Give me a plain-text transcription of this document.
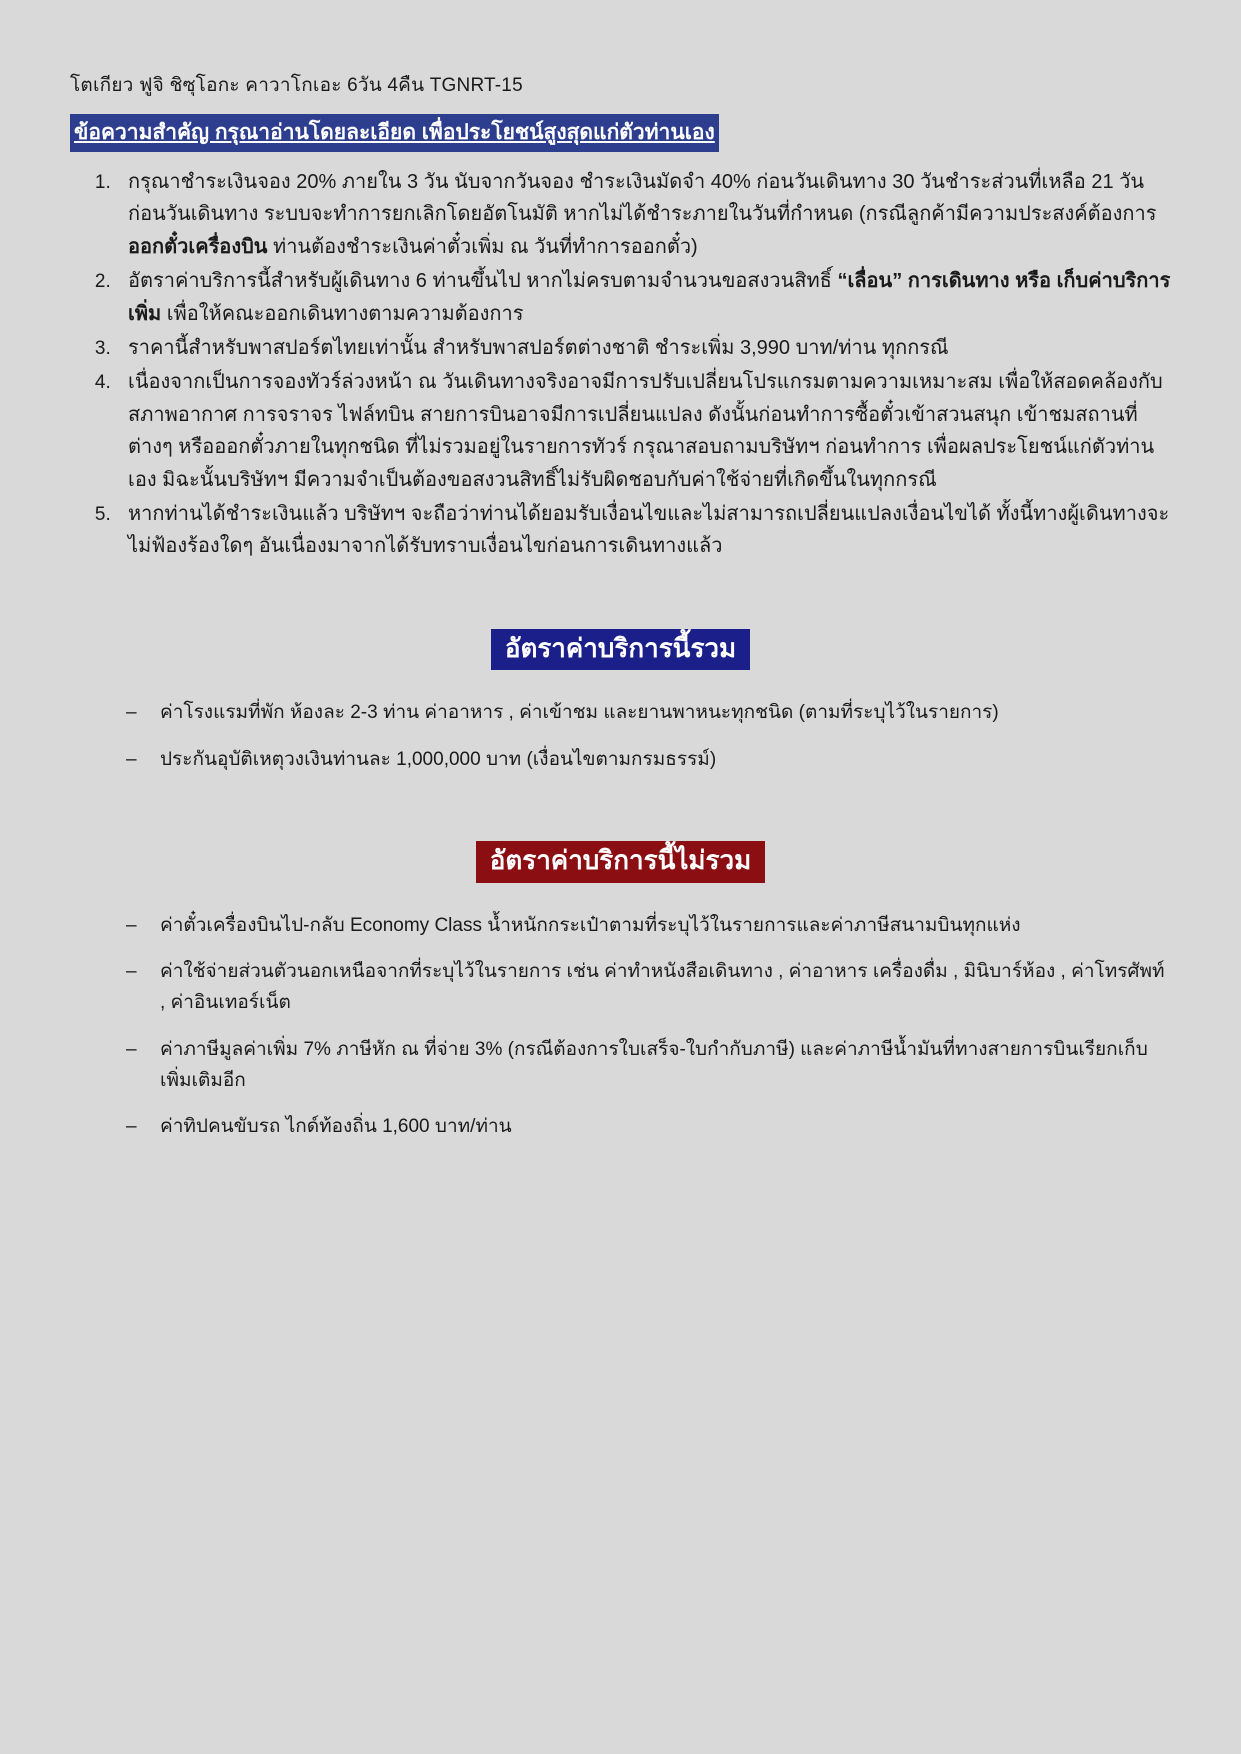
โตเกียว ฟูจิ ชิซุโอกะ คาวาโกเอะ 6วัน 4คืน TGNRT-15
ข้อความสำคัญ กรุณาอ่านโดยละเอียด เพื่อประโยชน์สูงสุดแก่ตัวท่านเอง
1. กรุณาชำระเงินจอง 20% ภายใน 3 วัน นับจากวันจอง ชำระเงินมัดจำ 40% ก่อนวันเดินทาง 30 วันชำระส่วนที่เหลือ 21 วัน ก่อนวันเดินทาง ระบบจะทำการยกเลิกโดยอัตโนมัติ หากไม่ได้ชำระภายในวันที่กำหนด (กรณีลูกค้ามีความประสงค์ต้องการออกตั๋วเครื่องบิน ท่านต้องชำระเงินค่าตั๋วเพิ่ม ณ วันที่ทำการออกตั๋ว)
2. อัตราค่าบริการนี้สำหรับผู้เดินทาง 6 ท่านขึ้นไป หากไม่ครบตามจำนวนขอสงวนสิทธิ์ “เลื่อน” การเดินทาง หรือ เก็บค่าบริการเพิ่ม เพื่อให้คณะออกเดินทางตามความต้องการ
3. ราคานี้สำหรับพาสปอร์ตไทยเท่านั้น สำหรับพาสปอร์ตต่างชาติ ชำระเพิ่ม 3,990 บาท/ท่าน ทุกกรณี
4. เนื่องจากเป็นการจองทัวร์ล่วงหน้า ณ วันเดินทางจริงอาจมีการปรับเปลี่ยนโปรแกรมตามความเหมาะสม เพื่อให้สอดคล้องกับสภาพอากาศ การจราจร ไฟล์ทบิน สายการบินอาจมีการเปลี่ยนแปลง ดังนั้นก่อนทำการซื้อตั๋วเข้าสวนสนุก เข้าชมสถานที่ต่างๆ หรือออกตั๋วภายในทุกชนิด ที่ไม่รวมอยู่ในรายการทัวร์ กรุณาสอบถามบริษัทฯ ก่อนทำการ เพื่อผลประโยชน์แก่ตัวท่านเอง มิฉะนั้นบริษัทฯ มีความจำเป็นต้องขอสงวนสิทธิ์ไม่รับผิดชอบกับค่าใช้จ่ายที่เกิดขึ้นในทุกกรณี
5. หากท่านได้ชำระเงินแล้ว บริษัทฯ จะถือว่าท่านได้ยอมรับเงื่อนไขและไม่สามารถเปลี่ยนแปลงเงื่อนไขได้ ทั้งนี้ทางผู้เดินทางจะไม่ฟ้องร้องใดๆ อันเนื่องมาจากได้รับทราบเงื่อนไขก่อนการเดินทางแล้ว
อัตราค่าบริการนี้รวม
– ค่าโรงแรมที่พัก ห้องละ 2-3 ท่าน ค่าอาหาร , ค่าเข้าชม และยานพาหนะทุกชนิด (ตามที่ระบุไว้ในรายการ)
– ประกันอุบัติเหตุวงเงินท่านละ 1,000,000 บาท (เงื่อนไขตามกรมธรรม์)
อัตราค่าบริการนี้ไม่รวม
– ค่าตั๋วเครื่องบินไป-กลับ Economy Class น้ำหนักกระเป๋าตามที่ระบุไว้ในรายการและค่าภาษีสนามบินทุกแห่ง
– ค่าใช้จ่ายส่วนตัวนอกเหนือจากที่ระบุไว้ในรายการ เช่น ค่าทำหนังสือเดินทาง , ค่าอาหาร เครื่องดื่ม , มินิบาร์ห้อง , ค่าโทรศัพท์ , ค่าอินเทอร์เน็ต
– ค่าภาษีมูลค่าเพิ่ม 7% ภาษีหัก ณ ที่จ่าย 3% (กรณีต้องการใบเสร็จ-ใบกำกับภาษี) และค่าภาษีน้ำมันที่ทางสายการบินเรียกเก็บเพิ่มเติมอีก
– ค่าทิปคนขับรถ ไกด์ท้องถิ่น 1,600 บาท/ท่าน
